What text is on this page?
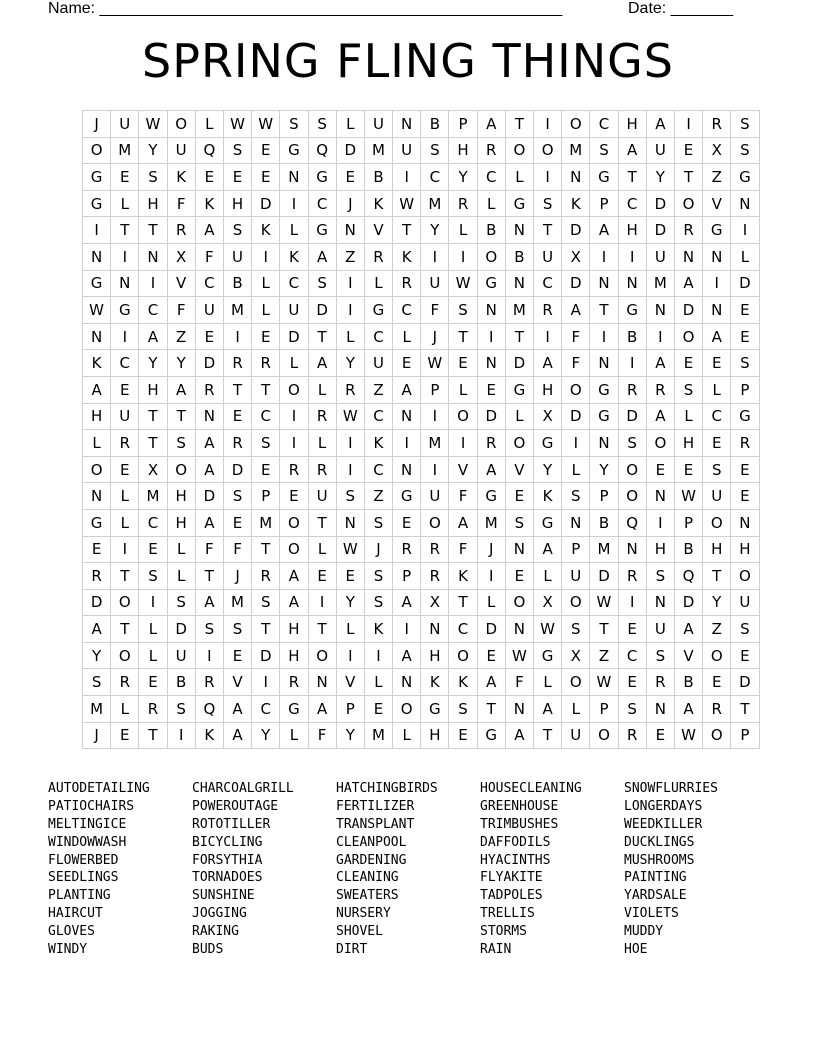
Name: ____________________________________________________	Date: _______
SPRING FLING THINGS
J	U	W	O	L	W	W	S	S	L	U	N	B	P	A	T	I	O	C	H	A	I	R	S
O	M	Y	U	Q	S	E	G	Q	D	M	U	S	H	R	O	O	M	S	A	U	E	X	S
G	E	S	K	E	E	E	N	G	E	B	I	C	Y	C	L	I	N	G	T	Y	T	Z	G
G	L	H	F	K	H	D	I	C	J	K	W	M	R	L	G	S	K	P	C	D	O	V	N
I	T	T	R	A	S	K	L	G	N	V	T	Y	L	B	N	T	D	A	H	D	R	G	I
N	I	N	X	F	U	I	K	A	Z	R	K	I	I	O	B	U	X	I	I	U	N	N	L
G	N	I	V	C	B	L	C	S	I	L	R	U	W	G	N	C	D	N	N	M	A	I	D
W	G	C	F	U	M	L	U	D	I	G	C	F	S	N	M	R	A	T	G	N	D	N	E
N	I	A	Z	E	I	E	D	T	L	C	L	J	T	I	T	I	F	I	B	I	O	A	E
K	C	Y	Y	D	R	R	L	A	Y	U	E	W	E	N	D	A	F	N	I	A	E	E	S
A	E	H	A	R	T	T	O	L	R	Z	A	P	L	E	G	H	O	G	R	R	S	L	P
H	U	T	T	N	E	C	I	R	W	C	N	I	O	D	L	X	D	G	D	A	L	C	G
L	R	T	S	A	R	S	I	L	I	K	I	M	I	R	O	G	I	N	S	O	H	E	R
O	E	X	O	A	D	E	R	R	I	C	N	I	V	A	V	Y	L	Y	O	E	E	S	E
N	L	M	H	D	S	P	E	U	S	Z	G	U	F	G	E	K	S	P	O	N	W	U	E
G	L	C	H	A	E	M	O	T	N	S	E	O	A	M	S	G	N	B	Q	I	P	O	N
E	I	E	L	F	F	T	O	L	W	J	R	R	F	J	N	A	P	M	N	H	B	H	H
R	T	S	L	T	J	R	A	E	E	S	P	R	K	I	E	L	U	D	R	S	Q	T	O
D	O	I	S	A	M	S	A	I	Y	S	A	X	T	L	O	X	O	W	I	N	D	Y	U
A	T	L	D	S	S	T	H	T	L	K	I	N	C	D	N	W	S	T	E	U	A	Z	S
Y	O	L	U	I	E	D	H	O	I	I	A	H	O	E	W	G	X	Z	C	S	V	O	E
S	R	E	B	R	V	I	R	N	V	L	N	K	K	A	F	L	O	W	E	R	B	E	D
M	L	R	S	Q	A	C	G	A	P	E	O	G	S	T	N	A	L	P	S	N	A	R	T
J	E	T	I	K	A	Y	L	F	Y	M	L	H	E	G	A	T	U	O	R	E	W	O	P
AUTODETAILING
PATIOCHAIRS
MELTINGICE
WINDOWWASH
FLOWERBED
SEEDLINGS
PLANTING
HAIRCUT
GLOVES
WINDY
CHARCOALGRILL
POWEROUTAGE
ROTOTILLER
BICYCLING
FORSYTHIA
TORNADOES
SUNSHINE
JOGGING
RAKING
BUDS
HATCHINGBIRDS
FERTILIZER
TRANSPLANT
CLEANPOOL
GARDENING
CLEANING
SWEATERS
NURSERY
SHOVEL
DIRT
HOUSECLEANING
GREENHOUSE
TRIMBUSHES
DAFFODILS
HYACINTHS
FLYAKITE
TADPOLES
TRELLIS
STORMS
RAIN
SNOWFLURRIES
LONGERDAYS
WEEDKILLER
DUCKLINGS
MUSHROOMS
PAINTING
YARDSALE
VIOLETS
MUDDY
HOE
